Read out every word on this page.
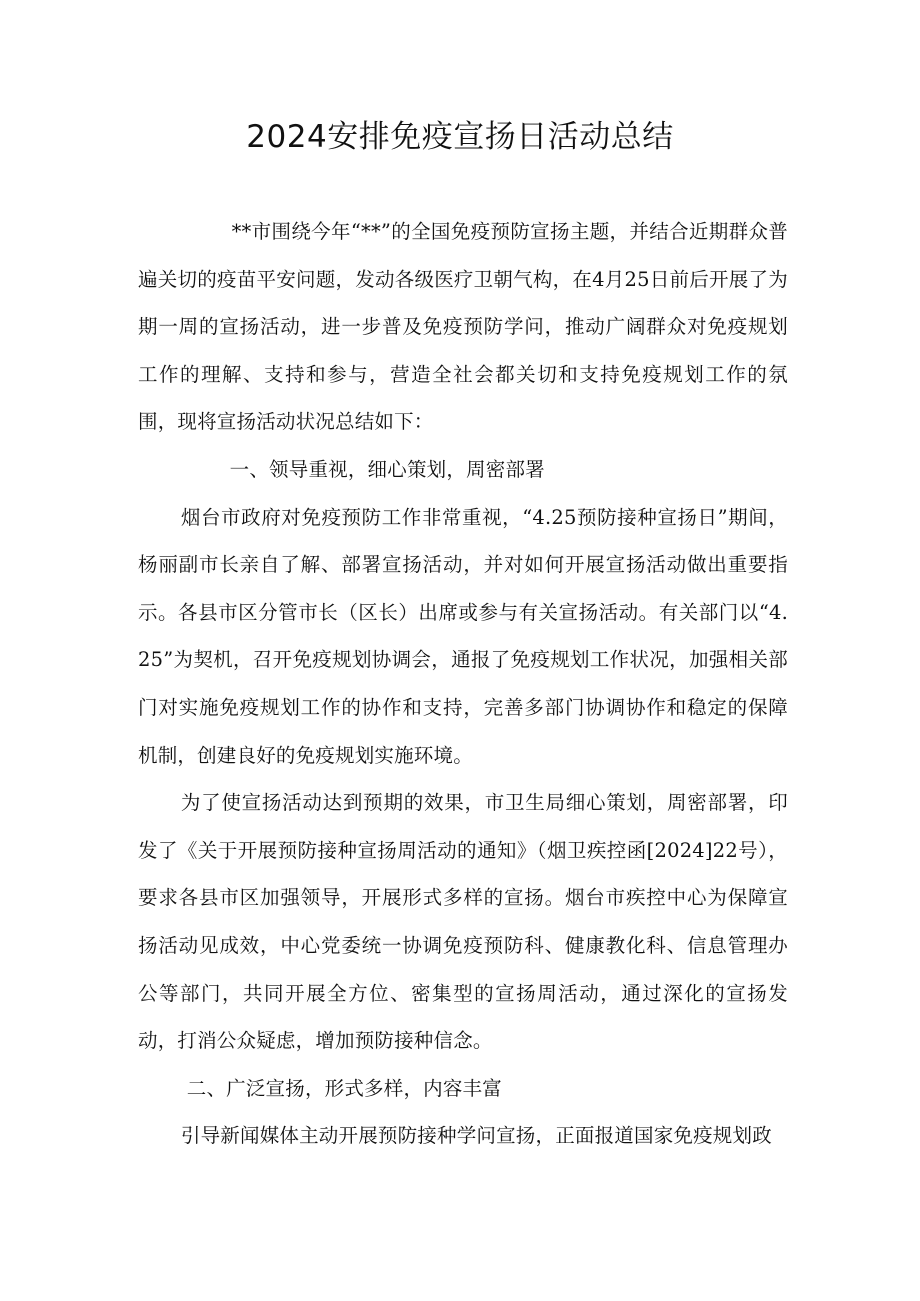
2024安排免疫宣扬日活动总结

**市围绕今年“**”的全国免疫预防宣扬主题，并结合近期群众普遍关切的疫苗平安问题，发动各级医疗卫朝气构，在4月25日前后开展了为期一周的宣扬活动，进一步普及免疫预防学问，推动广阔群众对免疫规划工作的理解、支持和参与，营造全社会都关切和支持免疫规划工作的氛围，现将宣扬活动状况总结如下：

一、领导重视，细心策划，周密部署

烟台市政府对免疫预防工作非常重视，“4.25预防接种宣扬日”期间，杨丽副市长亲自了解、部署宣扬活动，并对如何开展宣扬活动做出重要指示。各县市区分管市长（区长）出席或参与有关宣扬活动。有关部门以“4.25”为契机，召开免疫规划协调会，通报了免疫规划工作状况，加强相关部门对实施免疫规划工作的协作和支持，完善多部门协调协作和稳定的保障机制，创建良好的免疫规划实施环境。

为了使宣扬活动达到预期的效果，市卫生局细心策划，周密部署，印发了《关于开展预防接种宣扬周活动的通知》（烟卫疾控函[2024]22号），要求各县市区加强领导，开展形式多样的宣扬。烟台市疾控中心为保障宣扬活动见成效，中心党委统一协调免疫预防科、健康教化科、信息管理办公等部门，共同开展全方位、密集型的宣扬周活动，通过深化的宣扬发动，打消公众疑虑，增加预防接种信念。

二、广泛宣扬，形式多样，内容丰富

引导新闻媒体主动开展预防接种学问宣扬，正面报道国家免疫规划政
